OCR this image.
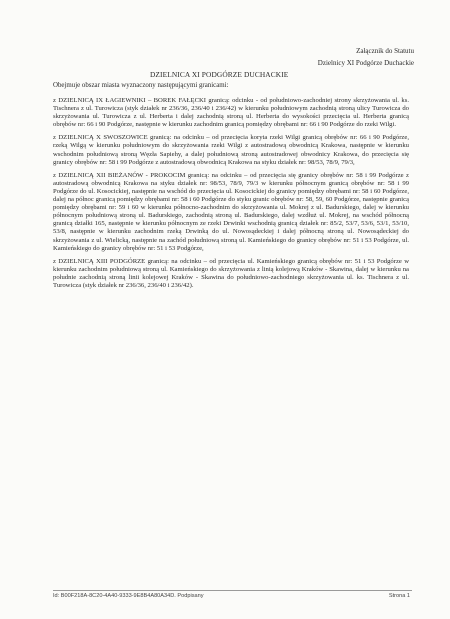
Załącznik do Statutu
Dzielnicy XI Podgórze Duchackie
DZIELNICA XI PODGÓRZE DUCHACKIE
Obejmuje obszar miasta wyznaczony następującymi granicami:

z DZIELNICĄ IX ŁAGIEWNIKI – BOREK FAŁĘCKI granicą: odcinku - od południowo-zachodniej strony skrzyżowania ul. ks. Tischnera z ul. Turowicza (styk działek nr 236/36, 236/40 i 236/42) w kierunku południowym zachodnią stroną ulicy Turowicza do skrzyżowania ul. Turowicza z ul. Herberta i dalej zachodnią stroną ul. Herberta do wysokości przecięcia ul. Herberta granicą obrębów nr: 66 i 90 Podgórze, następnie w kierunku zachodnim granicą pomiędzy obrębami nr: 66 i 90 Podgórze do rzeki Wilgi.

z DZIELNICĄ X SWOSZOWICE granicą: na odcinku – od przecięcia koryta rzeki Wilgi granicą obrębów nr: 66 i 90 Podgórze, rzeką Wilgą w kierunku południowym do skrzyżowania rzeki Wilgi z autostradową obwodnicą Krakowa, następnie w kierunku wschodnim południową stroną Węzła Sapiehy, a dalej południową stroną autostradowej obwodnicy Krakowa, do przecięcia się granicy obrębów nr: 58 i 99 Podgórze z autostradową obwodnicą Krakowa na styku działek nr: 98/53, 78/9, 79/3,

z DZIELNICĄ XII BIEŻANÓW - PROKOCIM granicą: na odcinku – od przecięcia się granicy obrębów nr: 58 i 99 Podgórze z autostradową obwodnicą Krakowa na styku działek nr: 98/53, 78/9, 79/3 w kierunku północnym granicą obrębów nr: 58 i 99 Podgórze do ul. Kosocickiej, następnie na wschód do przecięcia ul. Kosocickiej do granicy pomiędzy obrębami nr: 58 i 60 Podgórze, dalej na północ granicą pomiędzy obrębami nr: 58 i 60 Podgórze do styku granic obrębów nr: 58, 59, 60 Podgórze, następnie granicą pomiędzy obrębami nr: 59 i 60 w kierunku północno-zachodnim do skrzyżowania ul. Mokrej z ul. Badurskiego, dalej w kierunku północnym południową stroną ul. Badurskiego, zachodnią stroną ul. Badurskiego, dalej wzdłuż ul. Mokrej, na wschód północną granicą działki 165, następnie w kierunku północnym ze rzeki Drwinki wschodnią granicą działek nr: 85/2, 53/7, 53/6, 53/1, 53/10, 53/8, następnie w kierunku zachodnim rzeką Drwinką do ul. Nowosądeckiej i dalej północną stroną ul. Nowosądeckiej do skrzyżowania z ul. Wielicką, następnie na zachód południową stroną ul. Kamieńskiego do granicy obrębów nr: 51 i 53 Podgórze, ul. Kamieńskiego do granicy obrębów nr: 51 i 53 Podgórze,

z DZIELNICĄ XIII PODGÓRZE granicą: na odcinku – od przecięcia ul. Kamieńskiego granicą obrębów nr: 51 i 53 Podgórze w kierunku zachodnim południową stroną ul. Kamieńskiego do skrzyżowania z linią kolejową Kraków - Skawina, dalej w kierunku na południe zachodnią stroną linii kolejowej Kraków - Skawina do południowo-zachodniego skrzyżowania ul. ks. Tischnera z ul. Turowicza (styk działek nr 236/36, 236/40 i 236/42).

Id: B00F218A-8C20-4A40-9333-9E8B4A80A34D. Podpisany	Strona 1
